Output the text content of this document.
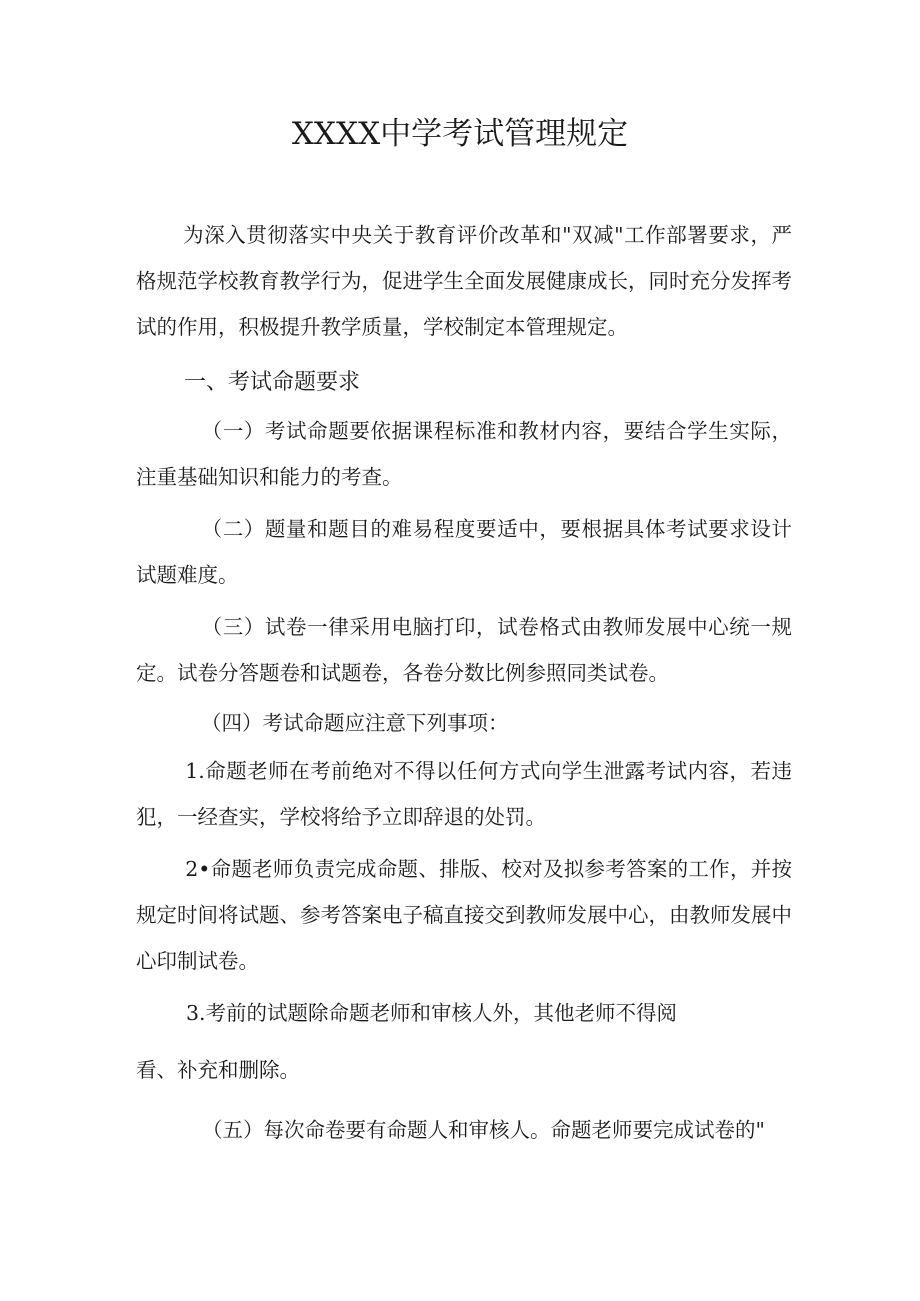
XXXX中学考试管理规定
为深入贯彻落实中央关于教育评价改革和"双减"工作部署要求，严格规范学校教育教学行为，促进学生全面发展健康成长，同时充分发挥考试的作用，积极提升教学质量，学校制定本管理规定。
一、考试命题要求
（一）考试命题要依据课程标准和教材内容，要结合学生实际，注重基础知识和能力的考查。
（二）题量和题目的难易程度要适中，要根据具体考试要求设计试题难度。
（三）试卷一律采用电脑打印，试卷格式由教师发展中心统一规定。试卷分答题卷和试题卷，各卷分数比例参照同类试卷。
（四）考试命题应注意下列事项：
1.命题老师在考前绝对不得以任何方式向学生泄露考试内容，若违犯，一经查实，学校将给予立即辞退的处罚。
2•命题老师负责完成命题、排版、校对及拟参考答案的工作，并按规定时间将试题、参考答案电子稿直接交到教师发展中心，由教师发展中心印制试卷。
3.考前的试题除命题老师和审核人外，其他老师不得阅
看、补充和删除。
（五）每次命卷要有命题人和审核人。命题老师要完成试卷的"
